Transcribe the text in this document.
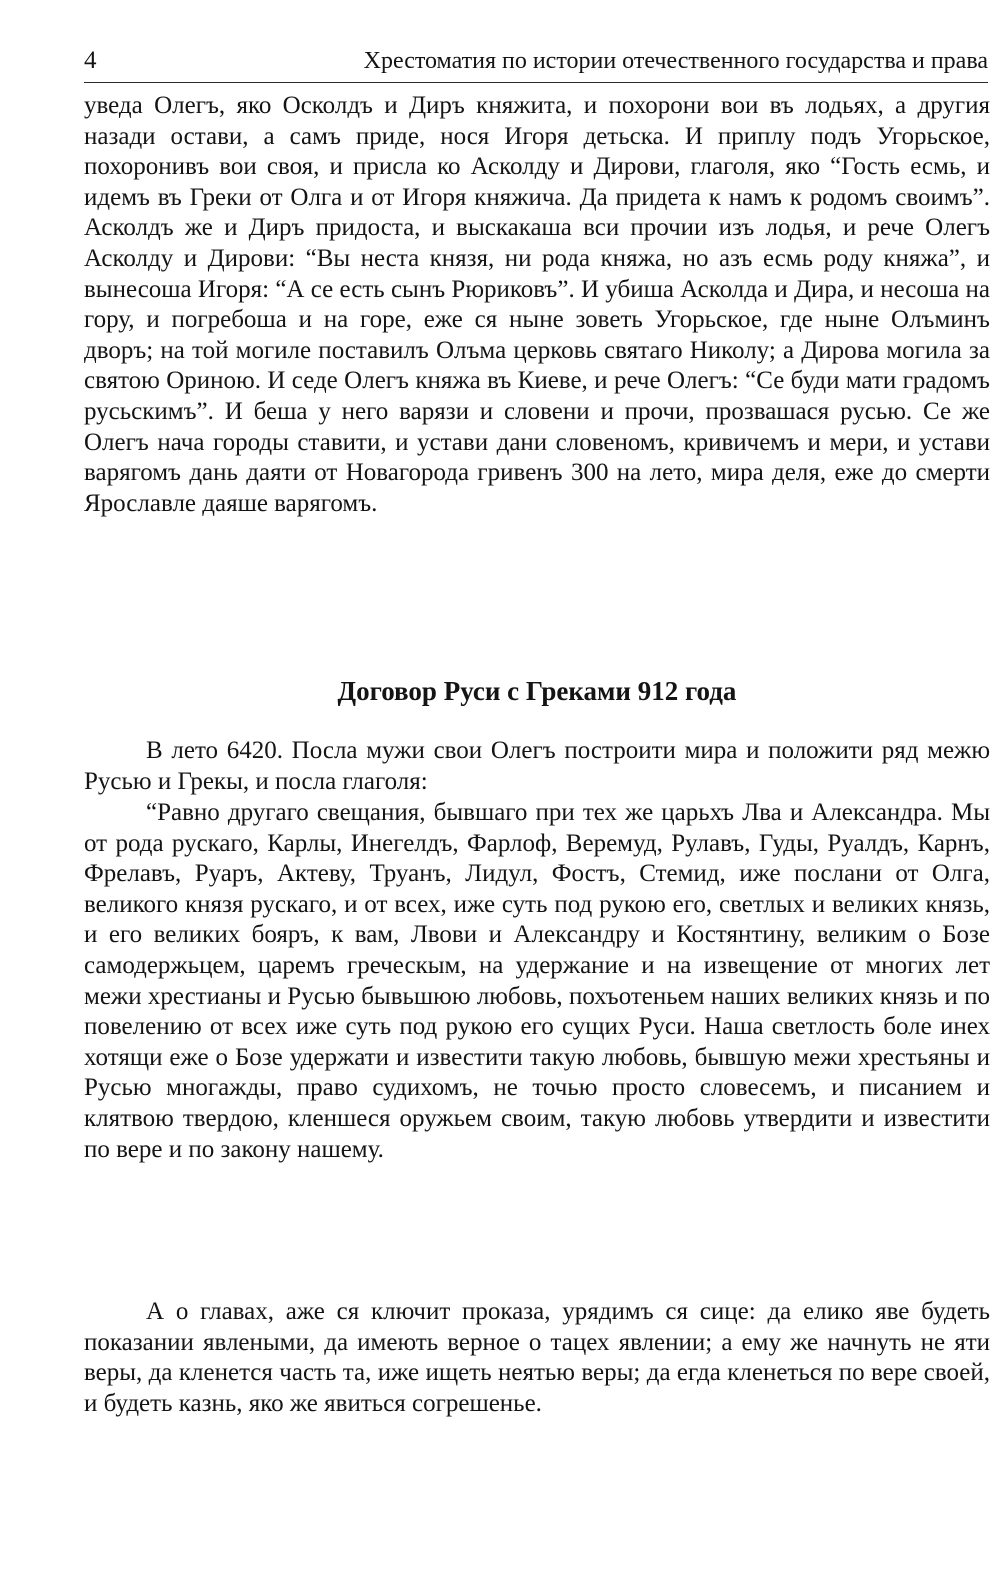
4	Хрестоматия по истории отечественного государства и права

уведа Олегъ, яко Осколдъ и Диръ княжита, и похорони вои въ лодьях, а другия назади остави, а самъ приде, нося Игоря детьска. И приплу подъ Угорьское, похоронивъ вои своя, и присла ко Асколду и Дирови, глаголя, яко “Гость есмь, и идемъ въ Греки от Олга и от Игоря княжича. Да придета к намъ к родомъ своимъ”. Асколдъ же и Диръ придоста, и выскакаша вси прочии изъ лодья, и рече Олегъ Асколду и Дирови: “Вы неста князя, ни рода княжа, но азъ есмь роду княжа”, и вынесоша Игоря: “А се есть сынъ Рюриковъ”. И убиша Асколда и Дира, и несоша на гору, и погребоша и на горе, еже ся ныне зоветь Угорьское, где ныне Олъминъ дворъ; на той могиле поставилъ Олъма церковь святаго Николу; а Дирова могила за святою Ориною. И седе Олегъ княжа въ Киеве, и рече Олегъ: “Се буди мати градомъ русьскимъ”. И беша у него варязи и словени и прочи, прозвашася русью. Се же Олегъ нача городы ставити, и устави дани словеномъ, кривичемъ и мери, и устави варягомъ дань даяти от Новагорода гривенъ 300 на лето, мира деля, еже до смерти Ярославле даяше варягомъ.

Договор Руси с Греками 912 года

В лето 6420. Посла мужи свои Олегъ построити мира и положити ряд межю Русью и Грекы, и посла глаголя:

“Равно другаго свещания, бывшаго при тех же царьхъ Лва и Александра. Мы от рода рускаго, Карлы, Инегелдъ, Фарлоф, Веремуд, Рулавъ, Гуды, Руалдъ, Карнъ, Фрелавъ, Руаръ, Актеву, Труанъ, Лидул, Фостъ, Стемид, иже послани от Олга, великого князя рускаго, и от всех, иже суть под рукою его, светлых и великих князь, и его великих бояръ, к вам, Лвови и Александру и Костянтину, великим о Бозе самодержьцем, царемъ греческым, на удержание и на извещение от многих лет межи хрестианы и Русью бывьшюю любовь, похъотеньем наших великих князь и по повелению от всех иже суть под рукою его сущих Руси. Наша светлость боле инех хотящи еже о Бозе удержати и известити такую любовь, бывшую межи хрестьяны и Русью многажды, право судихомъ, не точью просто словесемъ, и писанием и клятвою твердою, кленшеся оружьем своим, такую любовь утвердити и известити по вере и по закону нашему.

А о главах, аже ся ключит проказа, урядимъ ся сице: да елико яве будеть показании явлеными, да имеють верное о тацех явлении; а ему же начнуть не яти веры, да кленется часть та, иже ищеть неятью веры; да егда кленеться по вере своей, и будеть казнь, яко же явиться согрешенье.
